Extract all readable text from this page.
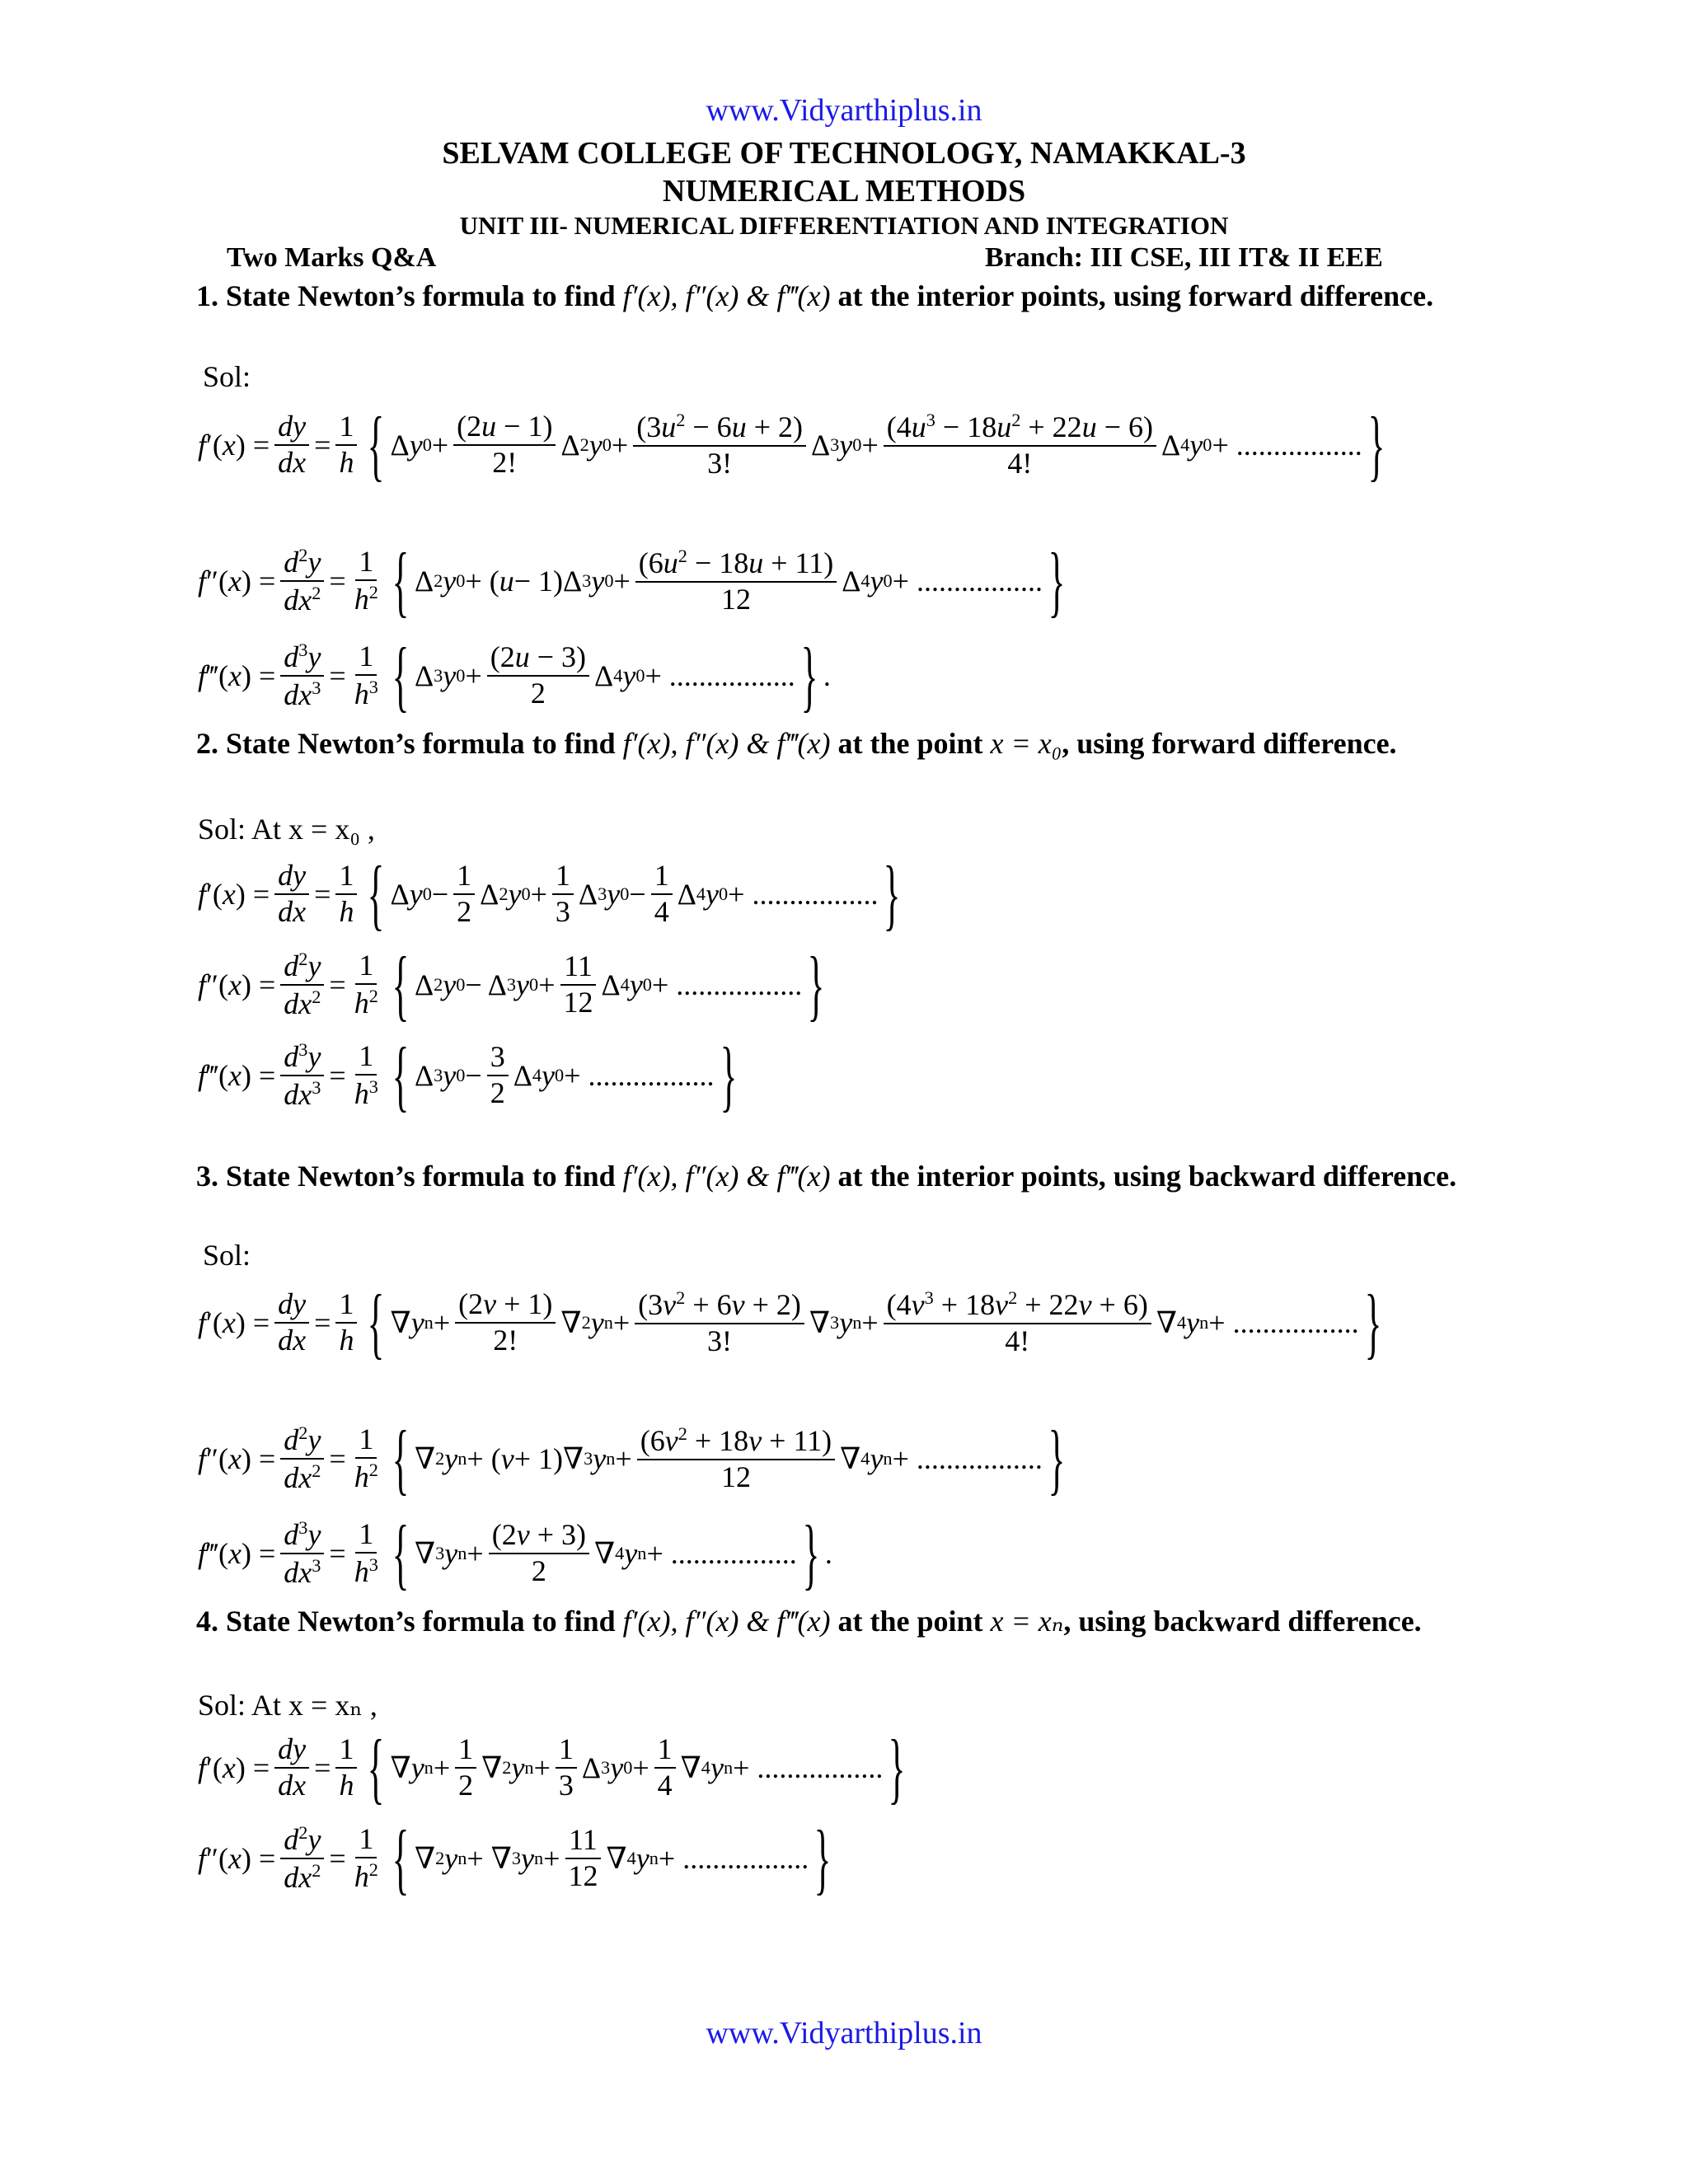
www.Vidyarthiplus.in
SELVAM COLLEGE OF TECHNOLOGY, NAMAKKAL-3
NUMERICAL METHODS
UNIT III- NUMERICAL DIFFERENTIATION AND INTEGRATION
Two Marks Q&A	Branch: III CSE, III IT& II EEE
1. State Newton’s formula to find f′(x), f″(x) & f‴(x) at the interior points, using forward difference.
Sol:
f ′( x ) = $\frac{dy}{dx} = \frac{1}{h}$ { Δ y $0 + \frac{(2u - 1)}{2!}$ Δ 2 y $0 + \frac{(3u^2 - 6u + 2)}{3!}$ Δ 3 y $0 + \frac{(4u^3 - 18u^2 + 22u - 6)}{4!}$ Δ 4 y 0 + ................. }
f ″( x ) = $\frac{d^2y}{dx^2} = \frac{1}{h^2}$ { Δ 2 y 0 + ( u − 1)Δ 3 y $0 + \frac{(6u^2 - 18u + 11)}{12}$ Δ 4 y 0 + ................. }
f ‴( x ) = $\frac{d^3y}{dx^3} = \frac{1}{h^3}$ { Δ 3 y $0 + \frac{(2u - 3)}{2}$ Δ 4 y 0 + ................. } .
2. State Newton’s formula to find f′(x), f″(x) & f‴(x) at the point x = x₀, using forward difference.
Sol: At x = x₀ ,
f ′( x ) = $\frac{dy}{dx} = \frac{1}{h}$ { Δ y $0 - \frac{1}{2}$ Δ 2 y $0 + \frac{1}{3}$ Δ 3 y $0 - \frac{1}{4}$ Δ 4 y 0 + ................. }
f ″( x ) = $\frac{d^2y}{dx^2} = \frac{1}{h^2}$ { Δ 2 y 0 − Δ 3 y $0 + \frac{11}{12}$ Δ 4 y 0 + ................. }
f ‴( x ) = $\frac{d^3y}{dx^3} = \frac{1}{h^3}$ { Δ 3 y $0 - \frac{3}{2}$ Δ 4 y 0 + ................. }
3. State Newton’s formula to find f′(x), f″(x) & f‴(x) at the interior points, using backward difference.
Sol:
f ′( x ) = $\frac{dy}{dx} = \frac{1}{h}$ { ∇ y $n + \frac{(2v + 1)}{2!}$ ∇ 2 y $n + \frac{(3v^2 + 6v + 2)}{3!}$ ∇ 3 y $n + \frac{(4v^3 + 18v^2 + 22v + 6)}{4!}$ ∇ 4 y n + ................. }
f ″( x ) = $\frac{d^2y}{dx^2} = \frac{1}{h^2}$ { ∇ 2 y n + ( v + 1)∇ 3 y $n + \frac{(6v^2 + 18v + 11)}{12}$ ∇ 4 y n + ................. }
f ‴( x ) = $\frac{d^3y}{dx^3} = \frac{1}{h^3}$ { ∇ 3 y $n + \frac{(2v + 3)}{2}$ ∇ 4 y n + ................. } .
4. State Newton’s formula to find f′(x), f″(x) & f‴(x) at the point x = xₙ, using backward difference.
Sol: At x = xₙ ,
f ′( x ) = $\frac{dy}{dx} = \frac{1}{h}$ { ∇ y $n + \frac{1}{2}$ ∇ 2 y $n + \frac{1}{3}$ Δ 3 y $0 + \frac{1}{4}$ ∇ 4 y n + ................. }
f ″( x ) = $\frac{d^2y}{dx^2} = \frac{1}{h^2}$ { ∇ 2 y n + ∇ 3 y $n + \frac{11}{12}$ ∇ 4 y n + ................. }
www.Vidyarthiplus.in
